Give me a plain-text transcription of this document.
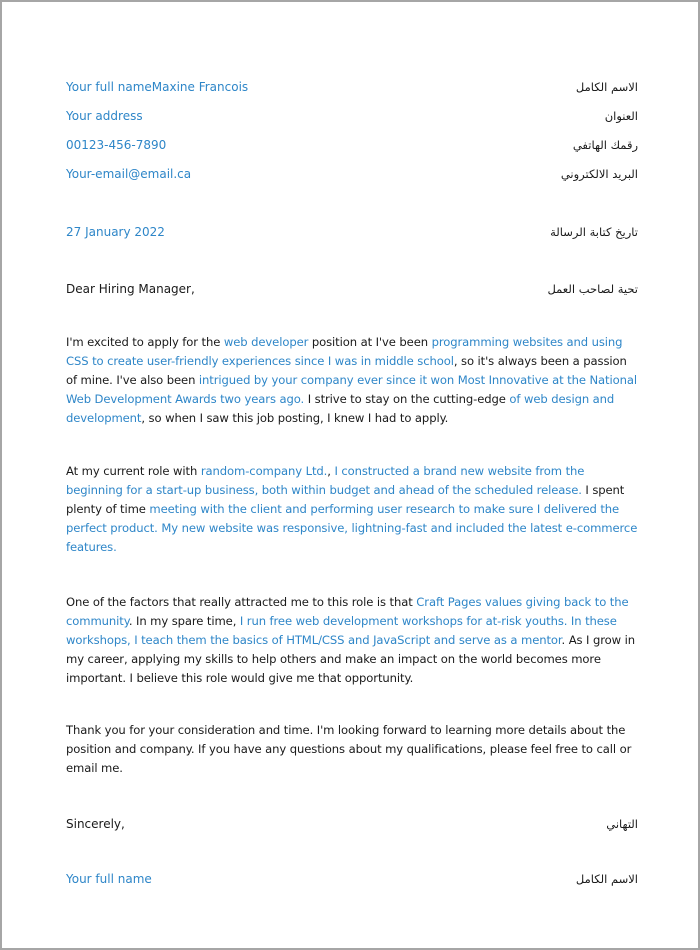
Your full nameMaxine Francois	الاسم الكامل
Your address	العنوان
00123-456-7890	رقمك الهاتفي
Your-email@email.ca	البريد الالكتروني
27 January 2022	تاريخ كتابة الرسالة
Dear Hiring Manager,	تحية لصاحب العمل
I'm excited to apply for the web developer position at I've been programming websites and using CSS to create user-friendly experiences since I was in middle school, so it's always been a passion of mine. I've also been intrigued by your company ever since it won Most Innovative at the National Web Development Awards two years ago. I strive to stay on the cutting-edge of web design and development, so when I saw this job posting, I knew I had to apply.
At my current role with random-company Ltd., I constructed a brand new website from the beginning for a start-up business, both within budget and ahead of the scheduled release. I spent plenty of time meeting with the client and performing user research to make sure I delivered the perfect product. My new website was responsive, lightning-fast and included the latest e-commerce features.
One of the factors that really attracted me to this role is that Craft Pages values giving back to the community. In my spare time, I run free web development workshops for at-risk youths. In these workshops, I teach them the basics of HTML/CSS and JavaScript and serve as a mentor. As I grow in my career, applying my skills to help others and make an impact on the world becomes more important. I believe this role would give me that opportunity.
Thank you for your consideration and time. I'm looking forward to learning more details about the position and company. If you have any questions about my qualifications, please feel free to call or email me.
Sincerely,	التهاني
Your full name	الاسم الكامل
